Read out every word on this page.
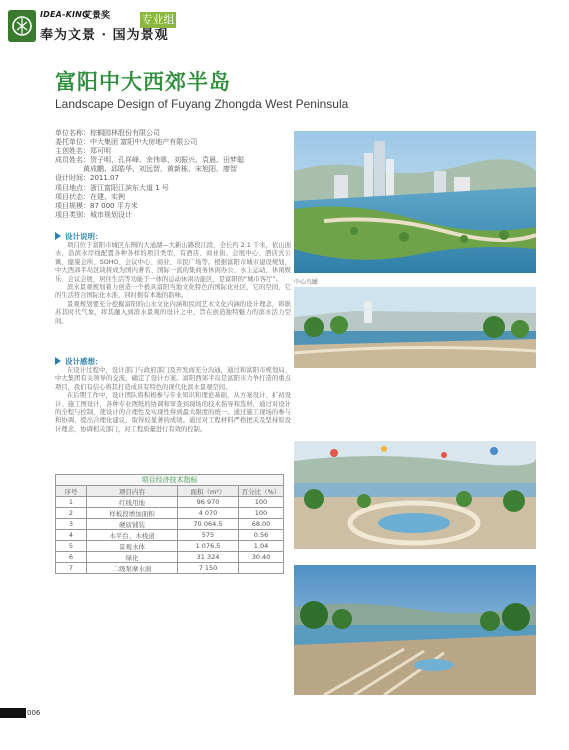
IDEA-KING
艾景奖
奉为文景 · 国为景观
专业组
富阳中大西郊半岛
Landscape Design of Fuyang Zhongda West Peninsula
单位名称：棕榈园林股份有限公司
委托单位：中大集团 富阳中大房地产有限公司
主创姓名：郑可明
成员姓名：贺子明、孔祥峰、余伟翠、刘振兴、袁晨、田梦聪
黄成鹏、邱皓华、刘远智、黄新栋、宋旭阳、廖智
设计时间：2011.07
项目地点：浙江富阳江滨东大道 1 号
项目状态：在建、实例
项目规模：87 000 平方米
项目类别：城市规划设计
设计说明：

项目位于富阳市城区东侧的大通湖—大新山路段江段，全长约 2.1 千米，依山面水，沿滨水岸线配置各种各样的项目类型，有酒店、商业街、会展中心、酒店式公寓、健康会所、SOHO、会议中心、商业、市民广场等。根据富阳市城市建设规划，中大西郊半岛区块将成为国内著名、国际一流的集商务休闲办公、水上运动、休闲娱乐、会议会展、居住生活等功能于一体的运动休闲功能区，是富阳的“城市客厅”。

滨水景观规划着力创造一个极具富阳当地文化特色的国际化社区，它的空间、它的生活符合国际化水准，同时拥有本地的韵味。

景观规划要充分挖掘富阳的山水文化内涵和民间艺术文化内涵的设计理念，将耿苏其时代气象，将其融入到滨水景观的设计之中，旨在创造独特魅力的滨水活力空间。

设计感想：

在设计过程中，设计部门与政府部门及开发商充分沟通，通过和富阳市规划局、中大集团有关领导的交流，确定了设计方案。富阳西郊半岛是富阳市力争打造的重点项目，我们有信心将其打造成具有特色的现代化滨水景观空间。

在后期工作中，设计团队将积极参与专业知识和理论基础，从方案设计、扩初设计、施工图设计，各种专业图纸的协调和审查到现场的技术指导和选材，通过对设计的全程与控制，使设计的合理性及实现性得到最大限度的统一。通过施工现场的参与和协调，提出合理化建议，取得较显著的成绩。通过对工程材料严格把关及坚持原设计理念，协调相关部门，对工程质量进行有效的控制。

项目经济技术指标
序号	项目内容	面积（m²）	百分比（%）
1	红线用地	96 970	100
2	样板段增加面积	4 070	100
3	硬质铺装	70 064.5	68.00
4	木平台、木栈道	575	0.56
5	景观水体	1 076.5	1.04
6	绿化	31 324	30.40
7	二级泵摩水面	7 150	
中心鸟瞰
006
